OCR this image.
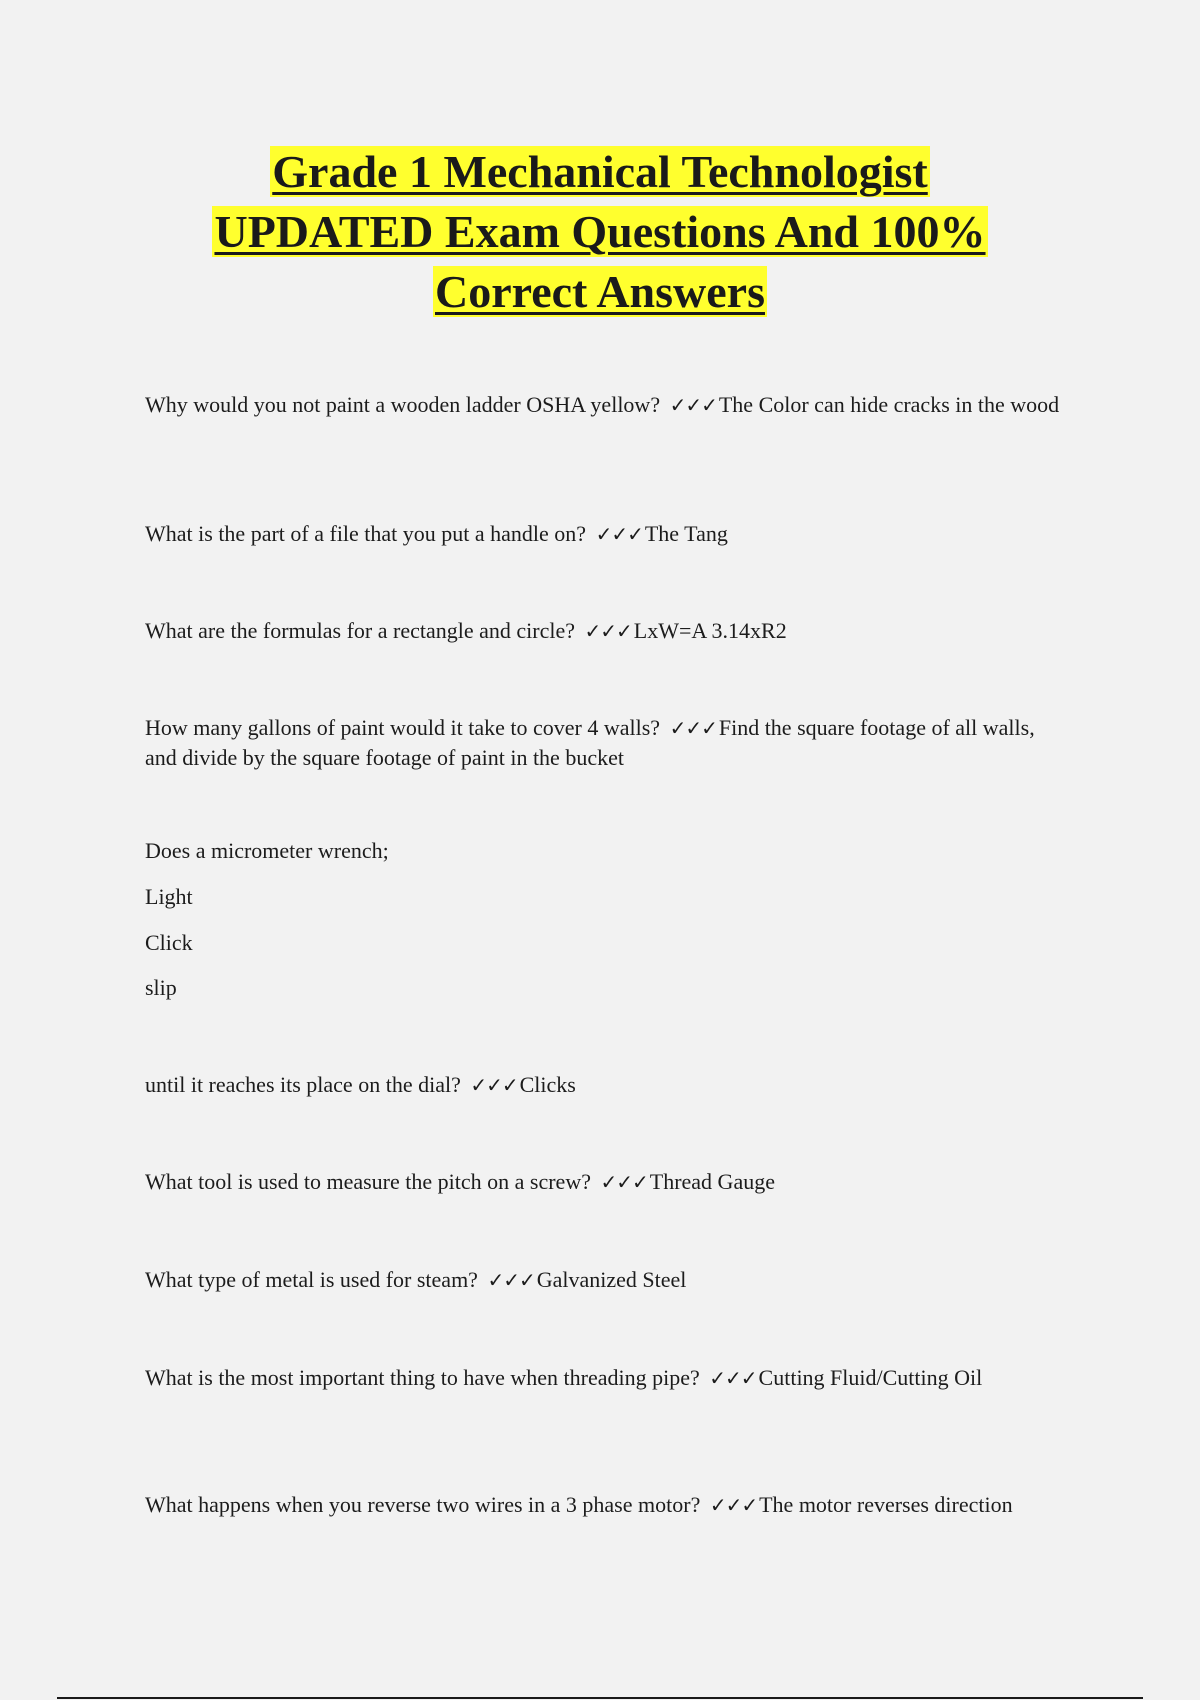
Grade 1 Mechanical Technologist
UPDATED Exam Questions And 100%
Correct Answers

Why would you not paint a wooden ladder OSHA yellow? ✓✓✓The Color can hide cracks in the wood

What is the part of a file that you put a handle on? ✓✓✓The Tang

What are the formulas for a rectangle and circle? ✓✓✓LxW=A 3.14xR2

How many gallons of paint would it take to cover 4 walls? ✓✓✓Find the square footage of all walls, and divide by the square footage of paint in the bucket

Does a micrometer wrench;

Light

Click

slip

until it reaches its place on the dial? ✓✓✓Clicks

What tool is used to measure the pitch on a screw? ✓✓✓Thread Gauge

What type of metal is used for steam? ✓✓✓Galvanized Steel

What is the most important thing to have when threading pipe? ✓✓✓Cutting Fluid/Cutting Oil

What happens when you reverse two wires in a 3 phase motor? ✓✓✓The motor reverses direction
